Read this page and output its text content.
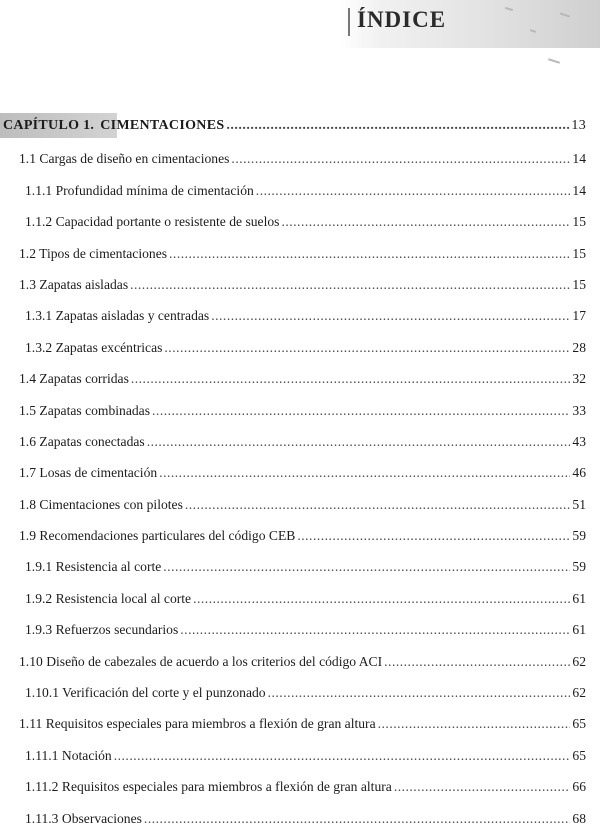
ÍNDICE
CAPÍTULO 1. CIMENTACIONES .....	13
1.1 Cargas de diseño en cimentaciones .....	14
1.1.1 Profundidad mínima de cimentación .....	14
1.1.2 Capacidad portante o resistente de suelos .....	15
1.2 Tipos de cimentaciones .....	15
1.3 Zapatas aisladas .....	15
1.3.1 Zapatas aisladas y centradas .....	17
1.3.2 Zapatas excéntricas .....	28
1.4 Zapatas corridas .....	32
1.5 Zapatas combinadas .....	33
1.6 Zapatas conectadas .....	43
1.7 Losas de cimentación .....	46
1.8 Cimentaciones con pilotes .....	51
1.9 Recomendaciones particulares del código CEB .....	59
1.9.1 Resistencia al corte .....	59
1.9.2 Resistencia local al corte .....	61
1.9.3 Refuerzos secundarios .....	61
1.10 Diseño de cabezales de acuerdo a los criterios del código ACI .....	62
1.10.1 Verificación del corte y el punzonado .....	62
1.11 Requisitos especiales para miembros a flexión de gran altura .....	65
1.11.1 Notación .....	65
1.11.2 Requisitos especiales para miembros a flexión de gran altura .....	66
1.11.3 Observaciones .....	68
